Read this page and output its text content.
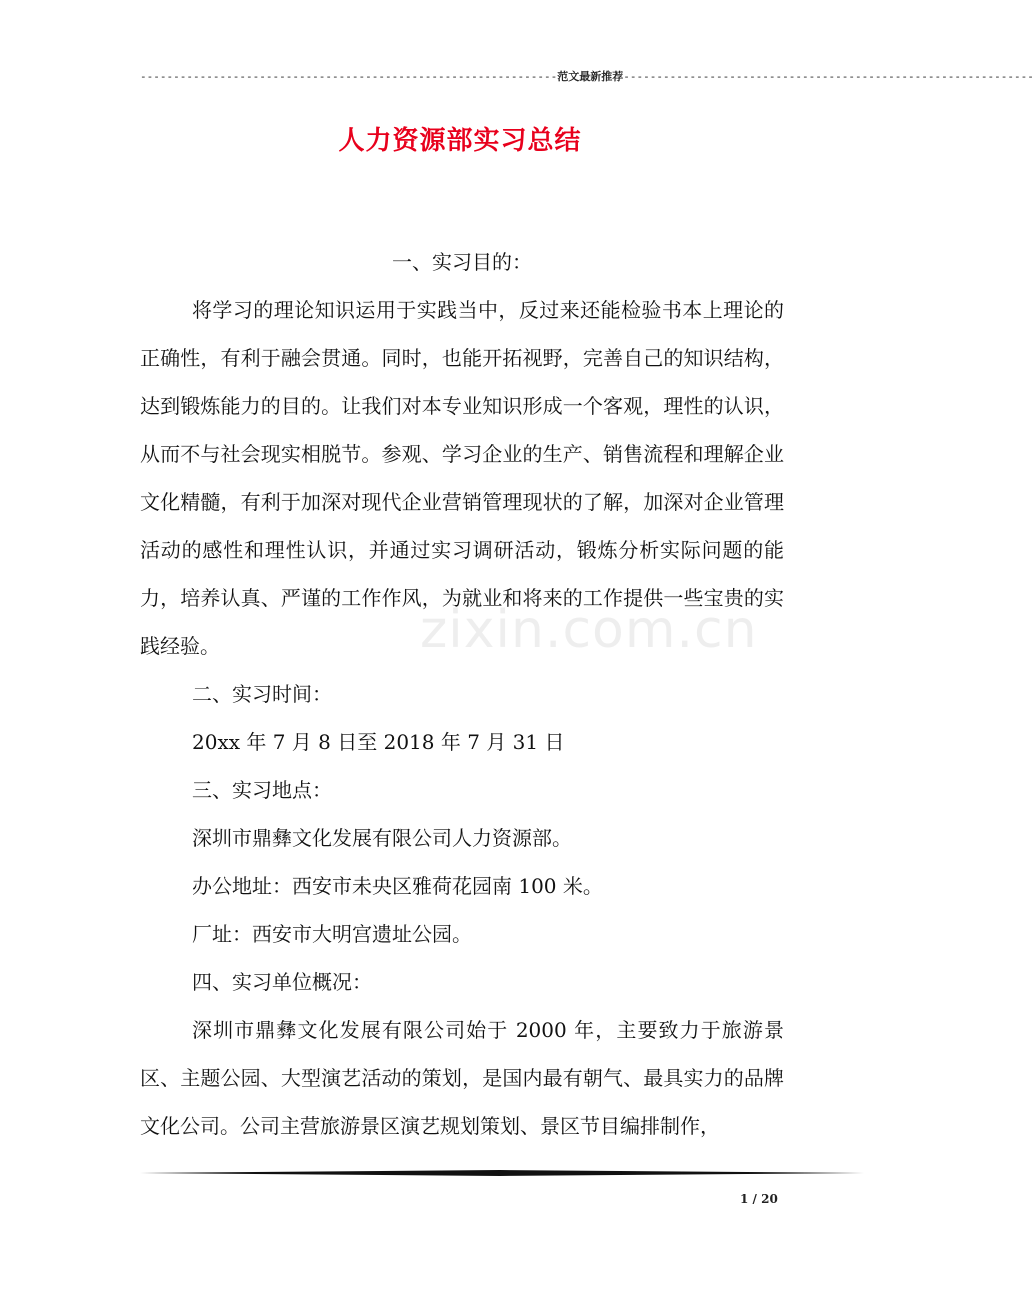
---------------------------------------------------------------范文最新推荐--------------------------------------------------------------
人力资源部实习总结
zixin.com.cn

一、实习目的：

将学习的理论知识运用于实践当中，反过来还能检验书本上理论的正确性，有利于融会贯通。同时，也能开拓视野，完善自己的知识结构，达到锻炼能力的目的。让我们对本专业知识形成一个客观，理性的认识，从而不与社会现实相脱节。参观、学习企业的生产、销售流程和理解企业文化精髓，有利于加深对现代企业营销管理现状的了解，加深对企业管理活动的感性和理性认识，并通过实习调研活动，锻炼分析实际问题的能力，培养认真、严谨的工作作风，为就业和将来的工作提供一些宝贵的实践经验。

二、实习时间：

20xx 年 7 月 8 日至 2018 年 7 月 31 日

三、实习地点：

深圳市鼎彝文化发展有限公司人力资源部。

办公地址：西安市未央区雅荷花园南 100 米。

厂址：西安市大明宫遗址公园。

四、实习单位概况：

深圳市鼎彝文化发展有限公司始于 2000 年，主要致力于旅游景区、主题公园、大型演艺活动的策划，是国内最有朝气、最具实力的品牌文化公司。公司主营旅游景区演艺规划策划、景区节目编排制作，

1 / 20
